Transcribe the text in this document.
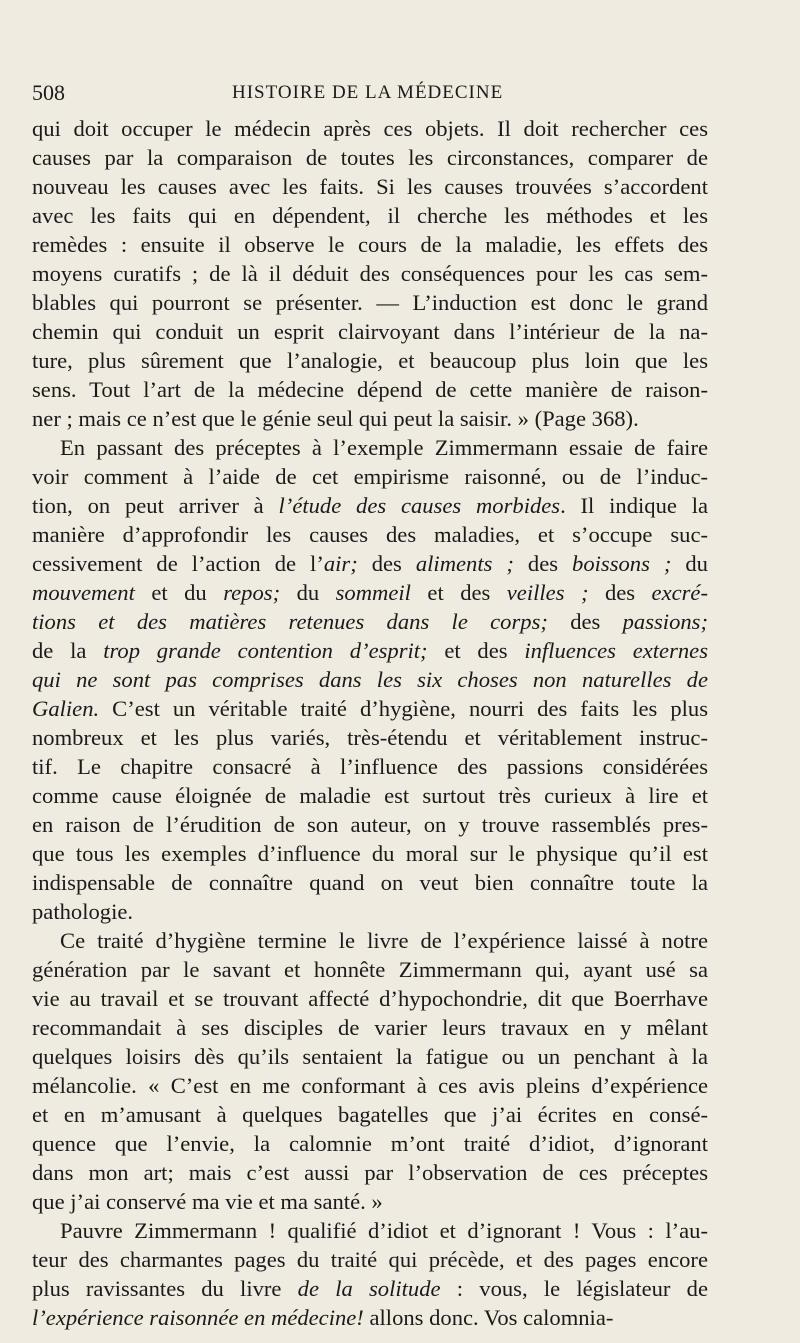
508	HISTOIRE DE LA MÉDECINE
qui doit occuper le médecin après ces objets. Il doit rechercher ces
causes par la comparaison de toutes les circonstances, comparer de
nouveau les causes avec les faits. Si les causes trouvées s’accordent
avec les faits qui en dépendent, il cherche les méthodes et les
remèdes : ensuite il observe le cours de la maladie, les effets des
moyens curatifs ; de là il déduit des conséquences pour les cas sem-
blables qui pourront se présenter. — L’induction est donc le grand
chemin qui conduit un esprit clairvoyant dans l’intérieur de la na-
ture, plus sûrement que l’analogie, et beaucoup plus loin que les
sens. Tout l’art de la médecine dépend de cette manière de raison-
ner ; mais ce n’est que le génie seul qui peut la saisir. » (Page 368).
En passant des préceptes à l’exemple Zimmermann essaie de faire
voir comment à l’aide de cet empirisme raisonné, ou de l’induc-
tion, on peut arriver à l’étude des causes morbides. Il indique la
manière d’approfondir les causes des maladies, et s’occupe suc-
cessivement de l’action de l’air; des aliments ; des boissons ; du
mouvement et du repos; du sommeil et des veilles ; des excré-
tions et des matières retenues dans le corps; des passions;
de la trop grande contention d’esprit; et des influences externes
qui ne sont pas comprises dans les six choses non naturelles de
Galien. C’est un véritable traité d’hygiène, nourri des faits les plus
nombreux et les plus variés, très-étendu et véritablement instruc-
tif. Le chapitre consacré à l’influence des passions considérées
comme cause éloignée de maladie est surtout très curieux à lire et
en raison de l’érudition de son auteur, on y trouve rassemblés pres-
que tous les exemples d’influence du moral sur le physique qu’il est
indispensable de connaître quand on veut bien connaître toute la
pathologie.
Ce traité d’hygiène termine le livre de l’expérience laissé à notre
génération par le savant et honnête Zimmermann qui, ayant usé sa
vie au travail et se trouvant affecté d’hypochondrie, dit que Boerrhave
recommandait à ses disciples de varier leurs travaux en y mêlant
quelques loisirs dès qu’ils sentaient la fatigue ou un penchant à la
mélancolie. « C’est en me conformant à ces avis pleins d’expérience
et en m’amusant à quelques bagatelles que j’ai écrites en consé-
quence que l’envie, la calomnie m’ont traité d’idiot, d’ignorant
dans mon art; mais c’est aussi par l’observation de ces préceptes
que j’ai conservé ma vie et ma santé. »
Pauvre Zimmermann ! qualifié d’idiot et d’ignorant ! Vous : l’au-
teur des charmantes pages du traité qui précède, et des pages encore
plus ravissantes du livre de la solitude : vous, le législateur de
l’expérience raisonnée en médecine! allons donc. Vos calomnia-
